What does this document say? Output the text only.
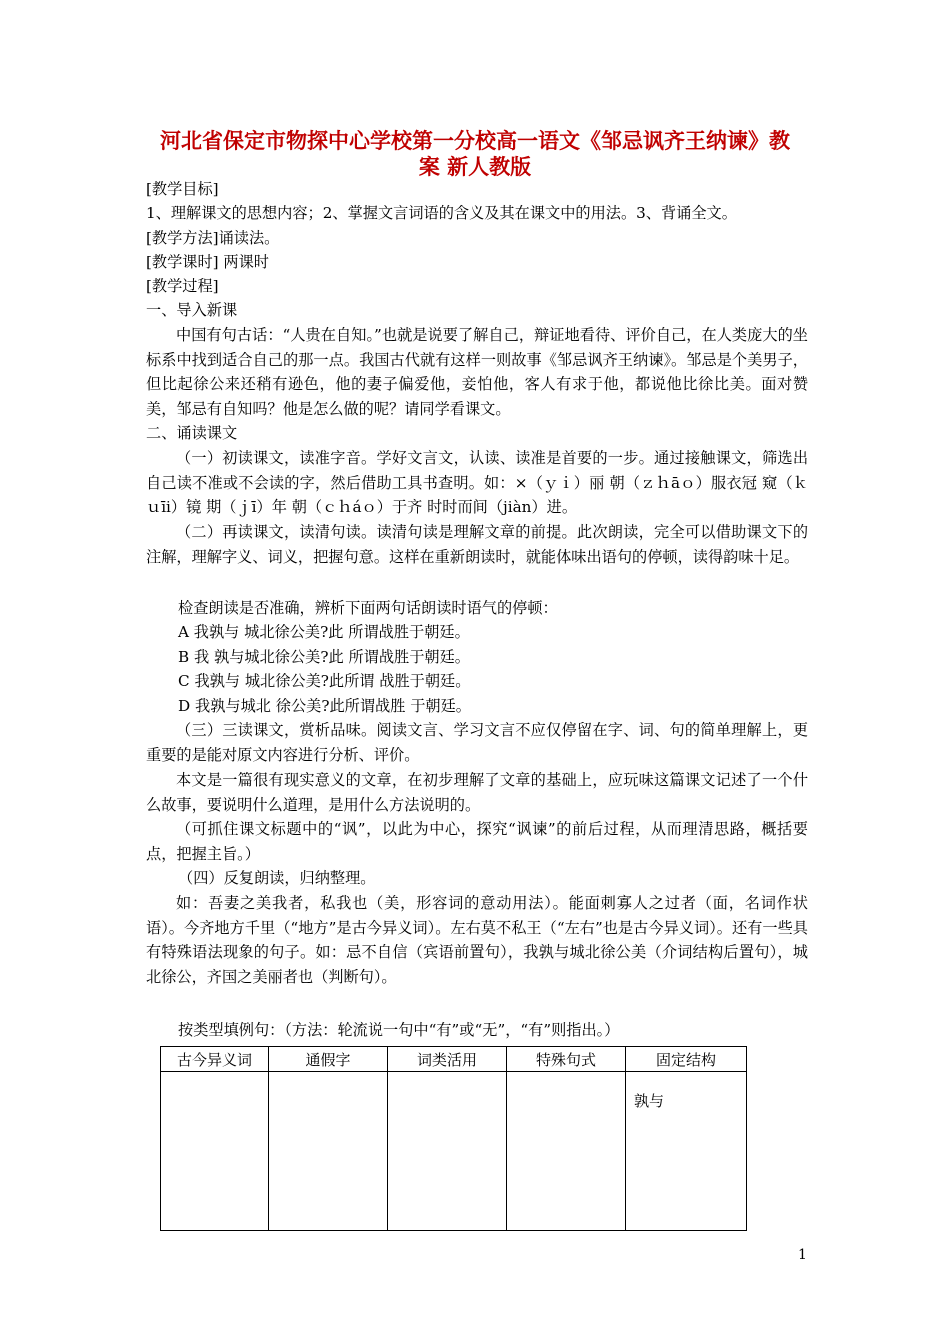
河北省保定市物探中心学校第一分校高一语文《邹忌讽齐王纳谏》教
案 新人教版
[教学目标]
1、理解课文的思想内容；2、掌握文言词语的含义及其在课文中的用法。3、背诵全文。
[教学方法]诵读法。
[教学课时] 两课时
[教学过程]
一、导入新课
中国有句古话：“人贵在自知。”也就是说要了解自己，辩证地看待、评价自己，在人类庞大的坐标系中找到适合自己的那一点。我国古代就有这样一则故事《邹忌讽齐王纳谏》。邹忌是个美男子，但比起徐公来还稍有逊色，他的妻子偏爱他，妾怕他，客人有求于他，都说他比徐比美。面对赞美，邹忌有自知吗？他是怎么做的呢？请同学看课文。
二、诵读课文
（一）初读课文，读准字音。学好文言文，认读、读准是首要的一步。通过接触课文，筛选出自己读不准或不会读的字，然后借助工具书查明。如：×（ｙｉ）丽 朝（ｚｈāｏ）服衣冠 窥（ｋｕīi）镜 期（ｊī）年 朝（ｃｈáｏ）于齐 时时而间（jiàn）进。
（二）再读课文，读清句读。读清句读是理解文章的前提。此次朗读，完全可以借助课文下的注解，理解字义、词义，把握句意。这样在重新朗读时，就能体味出语句的停顿，读得韵味十足。
检查朗读是否准确，辨析下面两句话朗读时语气的停顿：
A 我孰与 城北徐公美?此 所谓战胜于朝廷。
B 我 孰与城北徐公美?此 所谓战胜于朝廷。
C 我孰与 城北徐公美?此所谓 战胜于朝廷。
D 我孰与城北 徐公美?此所谓战胜 于朝廷。
（三）三读课文，赏析品味。阅读文言、学习文言不应仅停留在字、词、句的简单理解上，更重要的是能对原文内容进行分析、评价。
本文是一篇很有现实意义的文章，在初步理解了文章的基础上，应玩味这篇课文记述了一个什么故事，要说明什么道理，是用什么方法说明的。
（可抓住课文标题中的“讽”，以此为中心，探究“讽谏”的前后过程，从而理清思路，概括要点，把握主旨。）
（四）反复朗读，归纳整理。
如：吾妻之美我者，私我也（美，形容词的意动用法）。能面刺寡人之过者（面，名词作状语）。今齐地方千里（“地方”是古今异义词）。左右莫不私王（“左右”也是古今异义词）。还有一些具有特殊语法现象的句子。如：忌不自信（宾语前置句），我孰与城北徐公美（介词结构后置句），城北徐公，齐国之美丽者也（判断句）。
按类型填例句：（方法：轮流说一句中“有”或“无”，“有”则指出。）
古今异义词	通假字	词类活用	特殊句式	固定结构
				孰与
1
